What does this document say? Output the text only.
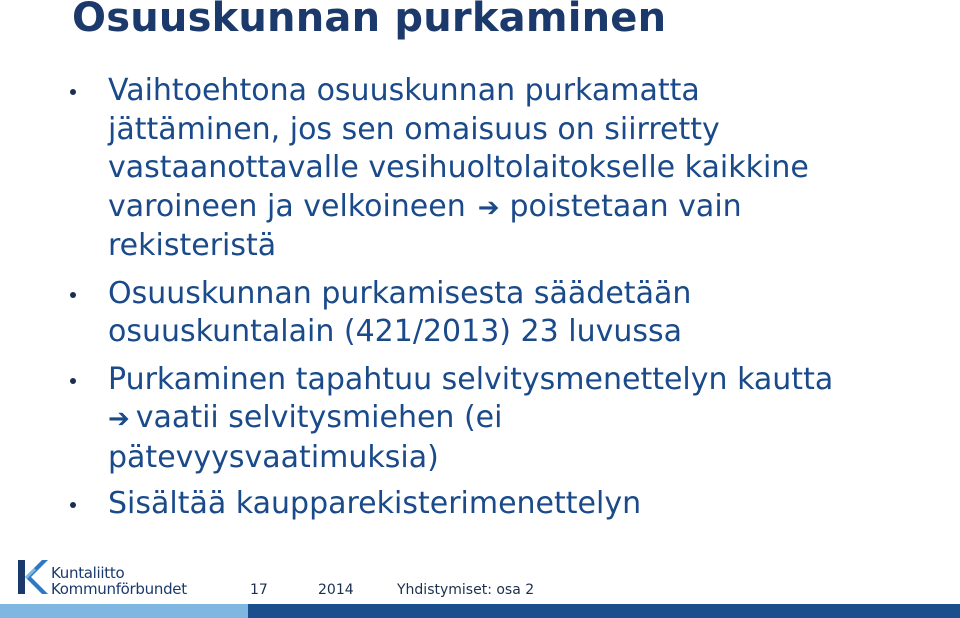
Osuuskunnan purkaminen
Vaihtoehtona osuuskunnan purkamatta
jättäminen, jos sen omaisuus on siirretty
vastaanottavalle vesihuoltolaitokselle kaikkine
varoineen ja velkoineen ➔ poistetaan vain
rekisteristä
Osuuskunnan purkamisesta säädetään
osuuskuntalain (421/2013) 23 luvussa
Purkaminen tapahtuu selvitysmenettelyn kautta
➔ vaatii selvitysmiehen (ei
pätevyysvaatimuksia)
Sisältää kaupparekisterimenettelyn
Kuntaliitto
Kommunförbundet	17	2014	Yhdistymiset: osa 2
